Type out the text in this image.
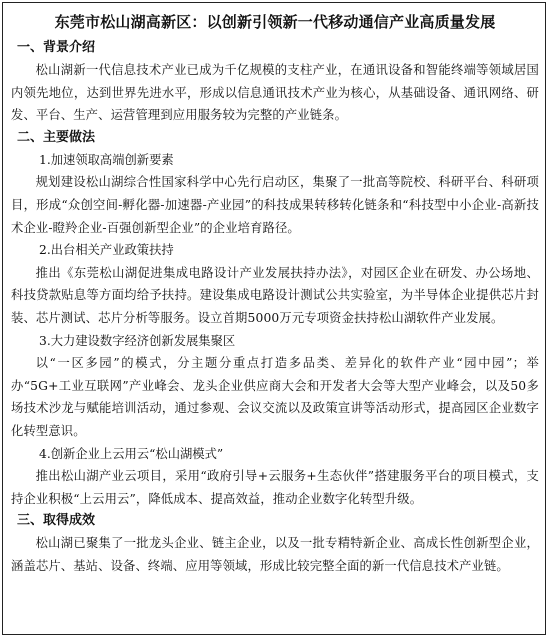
东莞市松山湖高新区：以创新引领新一代移动通信产业高质量发展
一、背景介绍
松山湖新一代信息技术产业已成为千亿规模的支柱产业，在通讯设备和智能终端等领域居国内领先地位，达到世界先进水平，形成以信息通讯技术产业为核心，从基础设备、通讯网络、研发、平台、生产、运营管理到应用服务较为完整的产业链条。
二、主要做法
1.加速领取高端创新要素
规划建设松山湖综合性国家科学中心先行启动区，集聚了一批高等院校、科研平台、科研项目，形成“众创空间-孵化器-加速器-产业园”的科技成果转移转化链条和“科技型中小企业-高新技术企业-瞪羚企业-百强创新型企业”的企业培育路径。
2.出台相关产业政策扶持
推出《东莞松山湖促进集成电路设计产业发展扶持办法》，对园区企业在研发、办公场地、科技贷款贴息等方面均给予扶持。建设集成电路设计测试公共实验室，为半导体企业提供芯片封装、芯片测试、芯片分析等服务。设立首期5000万元专项资金扶持松山湖软件产业发展。
3.大力建设数字经济创新发展集聚区
以“一区多园”的模式，分主题分重点打造多品类、差异化的软件产业“园中园”；举办“5G+工业互联网”产业峰会、龙头企业供应商大会和开发者大会等大型产业峰会，以及50多场技术沙龙与赋能培训活动，通过参观、会议交流以及政策宣讲等活动形式，提高园区企业数字化转型意识。
4.创新企业上云用云“松山湖模式”
推出松山湖产业云项目，采用“政府引导+云服务+生态伙伴”搭建服务平台的项目模式，支持企业积极“上云用云”，降低成本、提高效益，推动企业数字化转型升级。
三、取得成效
松山湖已聚集了一批龙头企业、链主企业，以及一批专精特新企业、高成长性创新型企业，涵盖芯片、基站、设备、终端、应用等领域，形成比较完整全面的新一代信息技术产业链。
